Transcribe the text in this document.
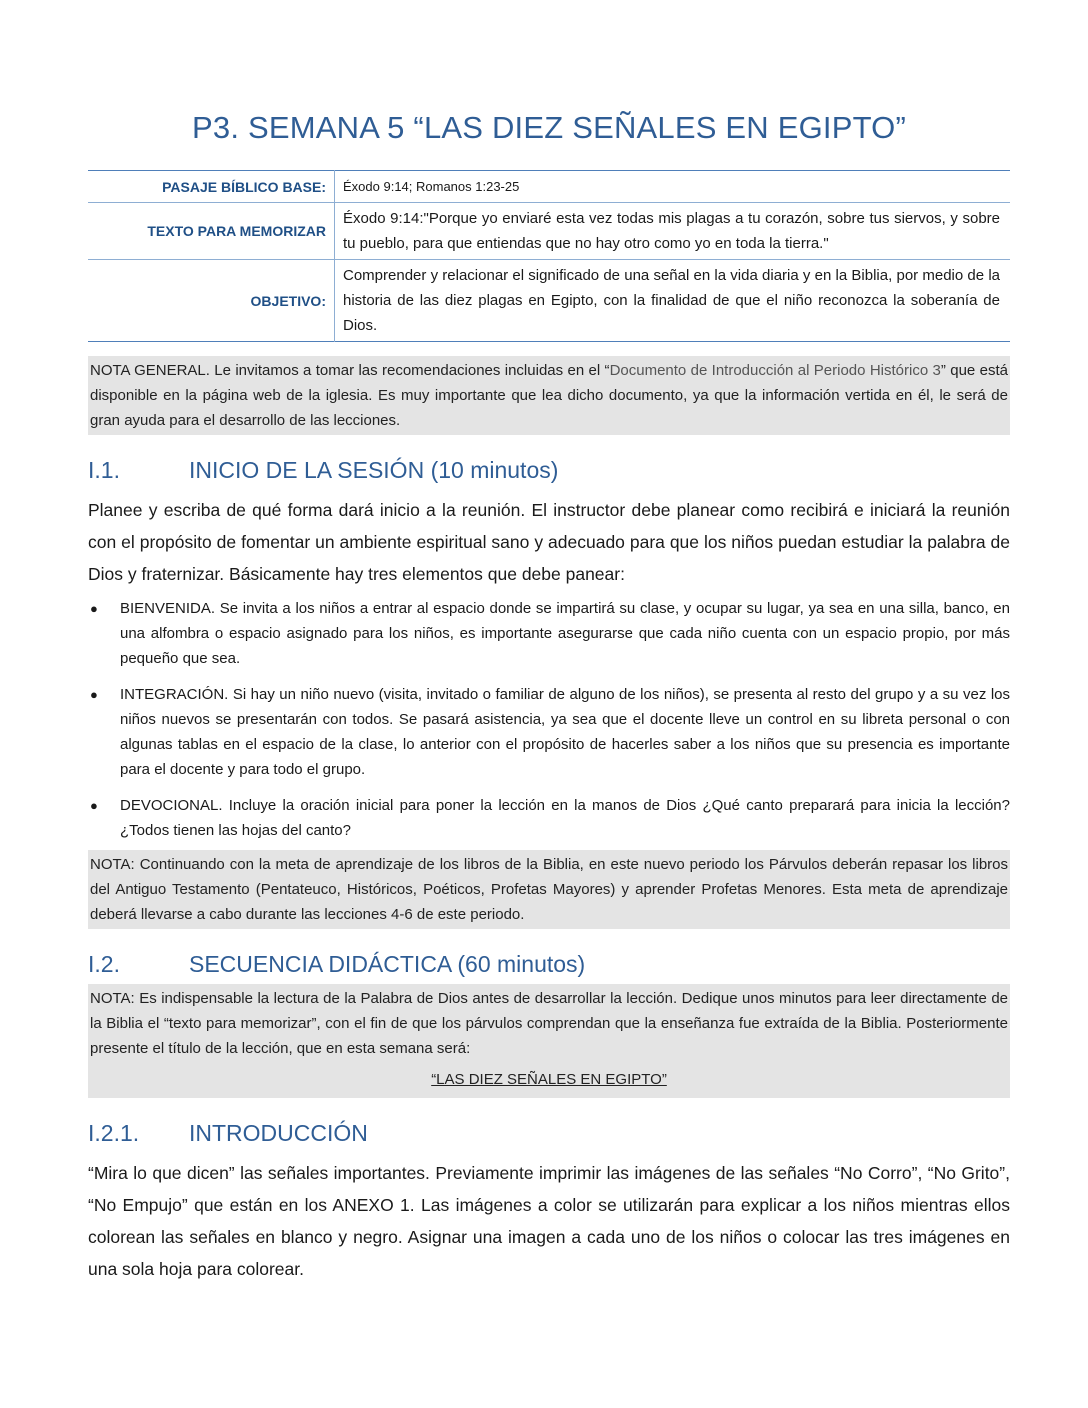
P3. SEMANA 5 “LAS DIEZ SEÑALES EN EGIPTO”
PASAJE BÍBLICO BASE:	Éxodo 9:14; Romanos 1:23-25
TEXTO PARA MEMORIZAR	Éxodo 9:14:"Porque yo enviaré esta vez todas mis plagas a tu corazón, sobre tus siervos, y sobre tu pueblo, para que entiendas que no hay otro como yo en toda la tierra."
OBJETIVO:	Comprender y relacionar el significado de una señal en la vida diaria y en la Biblia, por medio de la historia de las diez plagas en Egipto, con la finalidad de que el niño reconozca la soberanía de Dios.
NOTA GENERAL. Le invitamos a tomar las recomendaciones incluidas en el “Documento de Introducción al Periodo Histórico 3” que está disponible en la página web de la iglesia. Es muy importante que lea dicho documento, ya que la información vertida en él, le será de gran ayuda para el desarrollo de las lecciones.
I.1.	INICIO DE LA SESIÓN (10 minutos)
Planee y escriba de qué forma dará inicio a la reunión. El instructor debe planear como recibirá e iniciará la reunión con el propósito de fomentar un ambiente espiritual sano y adecuado para que los niños puedan estudiar la palabra de Dios y fraternizar. Básicamente hay tres elementos que debe panear:
● BIENVENIDA. Se invita a los niños a entrar al espacio donde se impartirá su clase, y ocupar su lugar, ya sea en una silla, banco, en una alfombra o espacio asignado para los niños, es importante asegurarse que cada niño cuenta con un espacio propio, por más pequeño que sea.
● INTEGRACIÓN. Si hay un niño nuevo (visita, invitado o familiar de alguno de los niños), se presenta al resto del grupo y a su vez los niños nuevos se presentarán con todos. Se pasará asistencia, ya sea que el docente lleve un control en su libreta personal o con algunas tablas en el espacio de la clase, lo anterior con el propósito de hacerles saber a los niños que su presencia es importante para el docente y para todo el grupo.
● DEVOCIONAL. Incluye la oración inicial para poner la lección en la manos de Dios ¿Qué canto preparará para inicia la lección? ¿Todos tienen las hojas del canto?
NOTA: Continuando con la meta de aprendizaje de los libros de la Biblia, en este nuevo periodo los Párvulos deberán repasar los libros del Antiguo Testamento (Pentateuco, Históricos, Poéticos, Profetas Mayores) y aprender Profetas Menores. Esta meta de aprendizaje deberá llevarse a cabo durante las lecciones 4-6 de este periodo.
I.2.	SECUENCIA DIDÁCTICA (60 minutos)
NOTA: Es indispensable la lectura de la Palabra de Dios antes de desarrollar la lección. Dedique unos minutos para leer directamente de la Biblia el “texto para memorizar”, con el fin de que los párvulos comprendan que la enseñanza fue extraída de la Biblia. Posteriormente presente el título de la lección, que en esta semana será:
“LAS DIEZ SEÑALES EN EGIPTO”
I.2.1.	INTRODUCCIÓN
“Mira lo que dicen” las señales importantes. Previamente imprimir las imágenes de las señales “No Corro”, “No Grito”, “No Empujo” que están en los ANEXO 1. Las imágenes a color se utilizarán para explicar a los niños mientras ellos colorean las señales en blanco y negro. Asignar una imagen a cada uno de los niños o colocar las tres imágenes en una sola hoja para colorear.
